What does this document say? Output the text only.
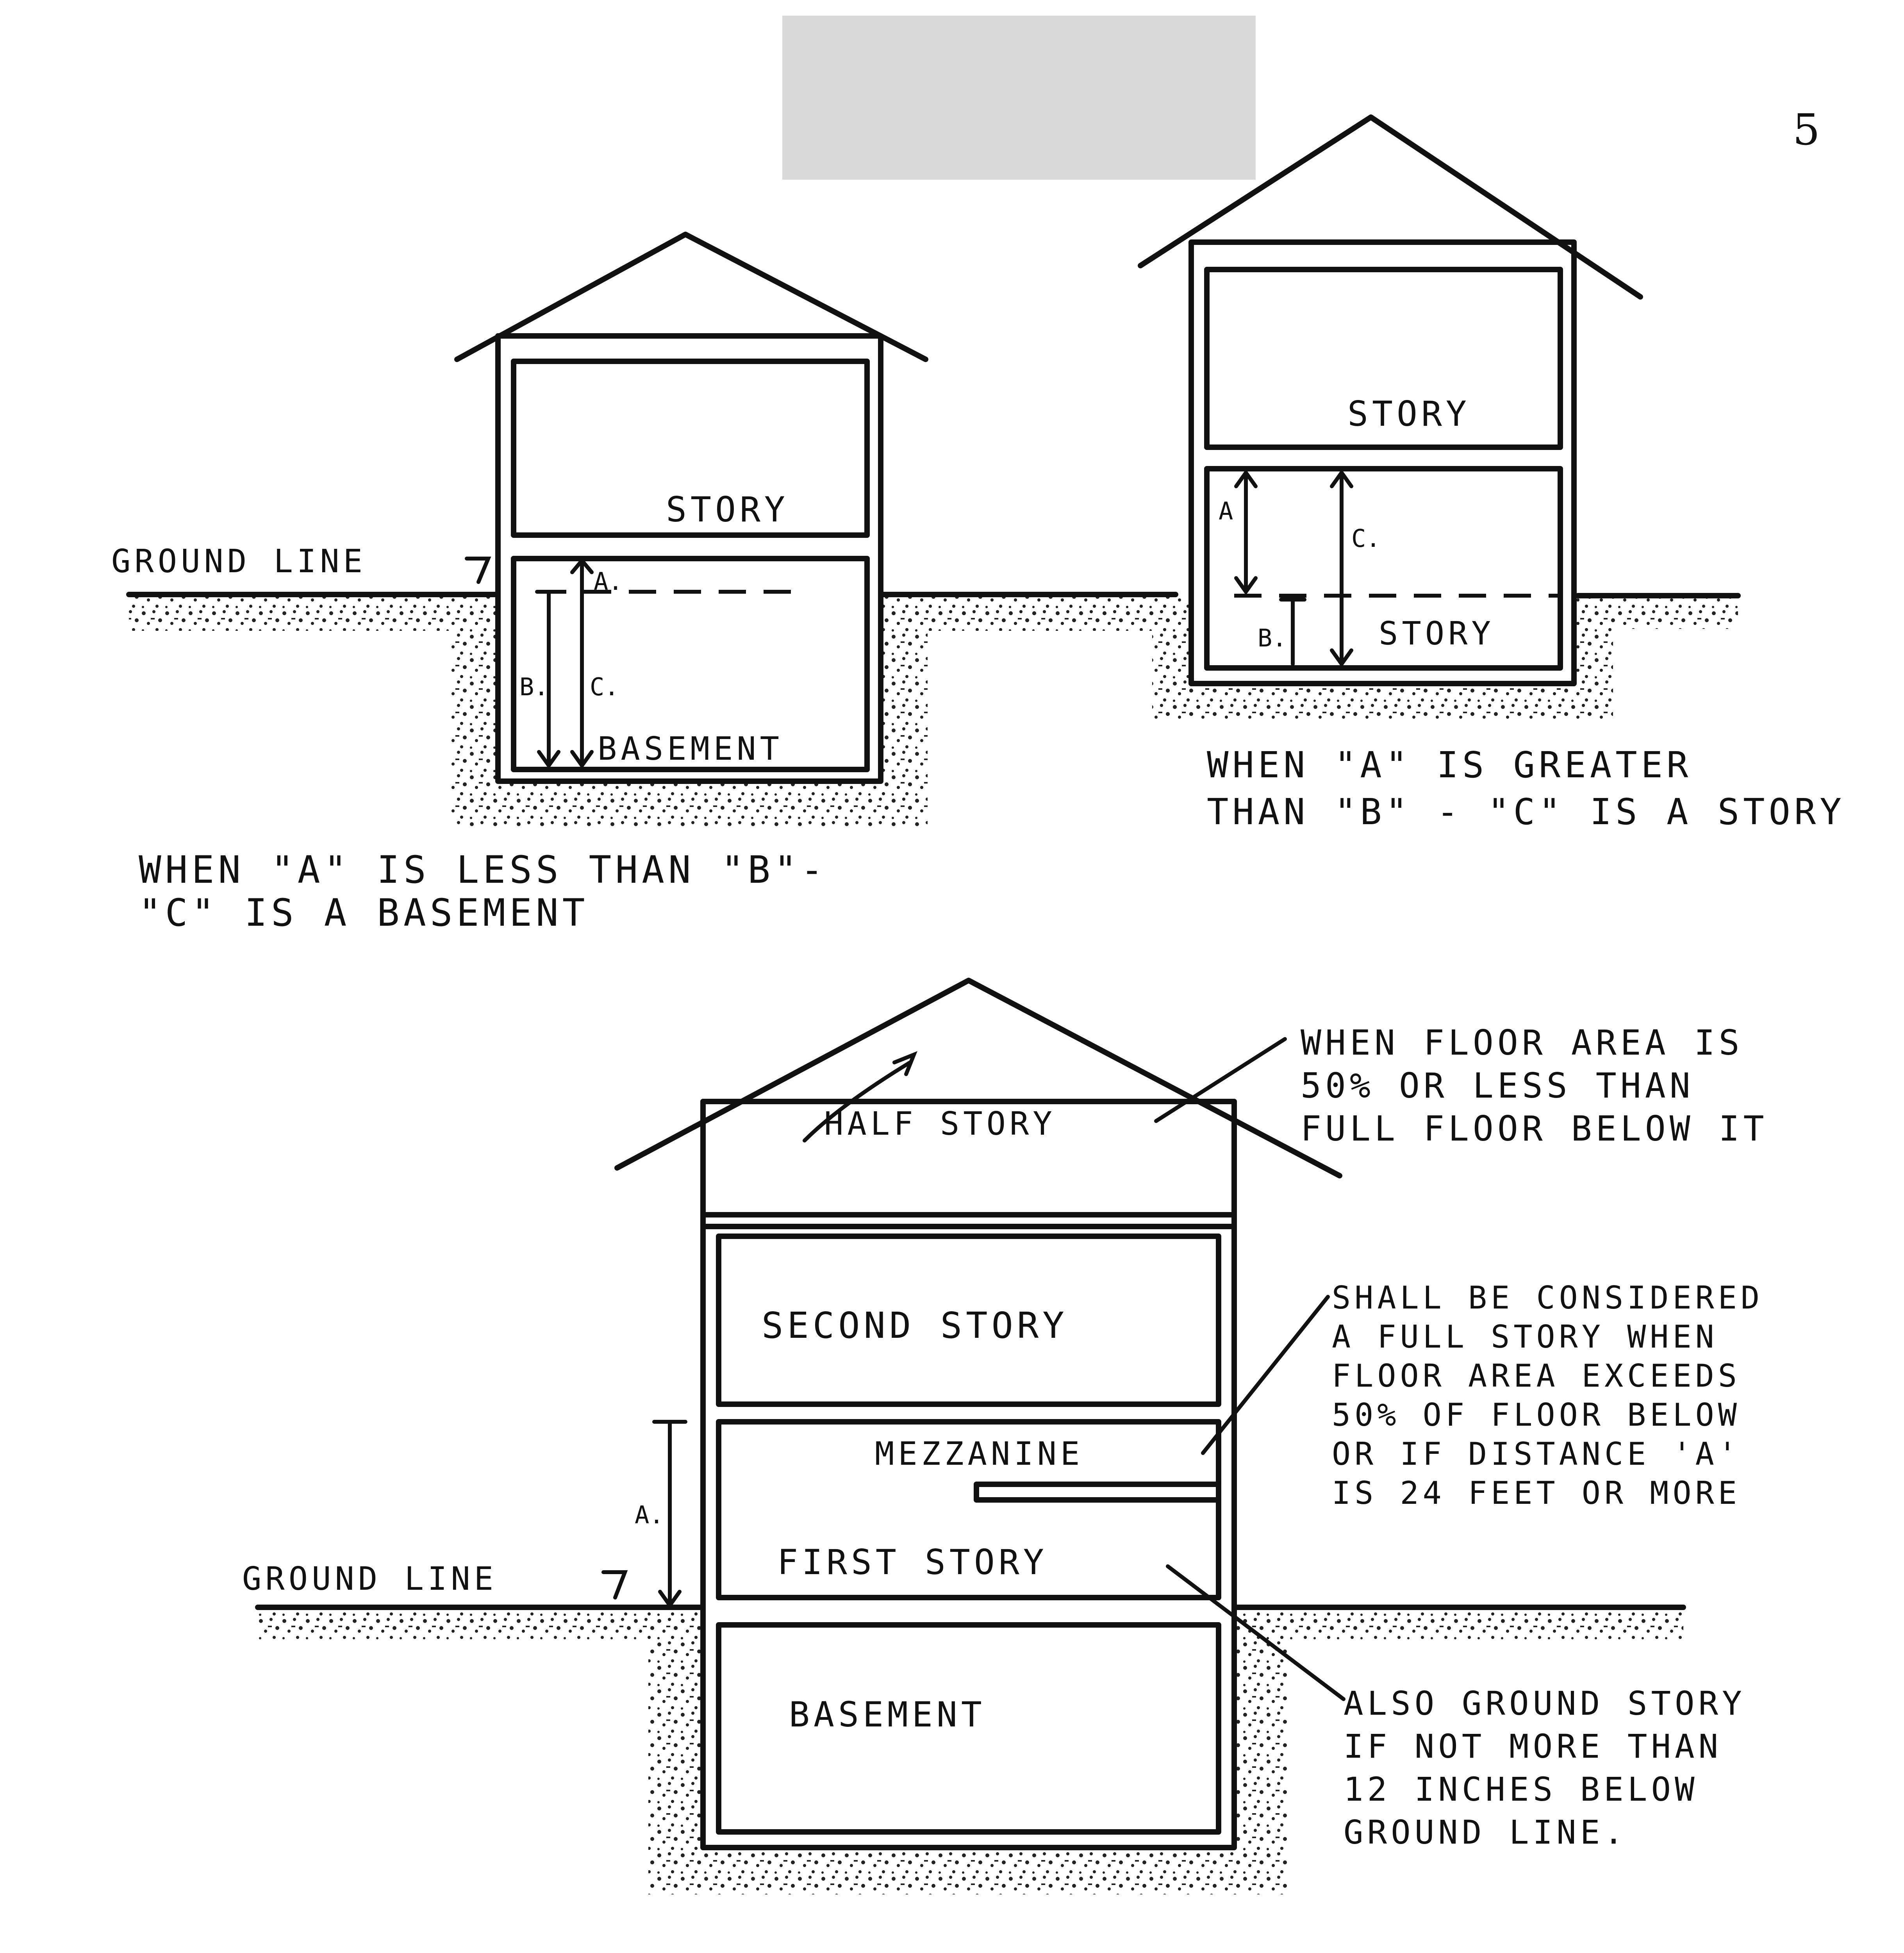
5
STORY
GROUND LINE
A.
B. C.
BASEMENT
WHEN "A" IS LESS THAN "B"-
"C" IS A BASEMENT
STORY
A
B.
C.
STORY
WHEN "A" IS GREATER
THAN "B" - "C" IS A STORY
HALF STORY
SECOND STORY
MEZZANINE
FIRST STORY
BASEMENT
GROUND LINE
A.
WHEN FLOOR AREA IS
50% OR LESS THAN
FULL FLOOR BELOW IT
SHALL BE CONSIDERED
A FULL STORY WHEN
FLOOR AREA EXCEEDS
50% OF FLOOR BELOW
OR IF DISTANCE 'A'
IS 24 FEET OR MORE
ALSO GROUND STORY
IF NOT MORE THAN
12 INCHES BELOW
GROUND LINE.
